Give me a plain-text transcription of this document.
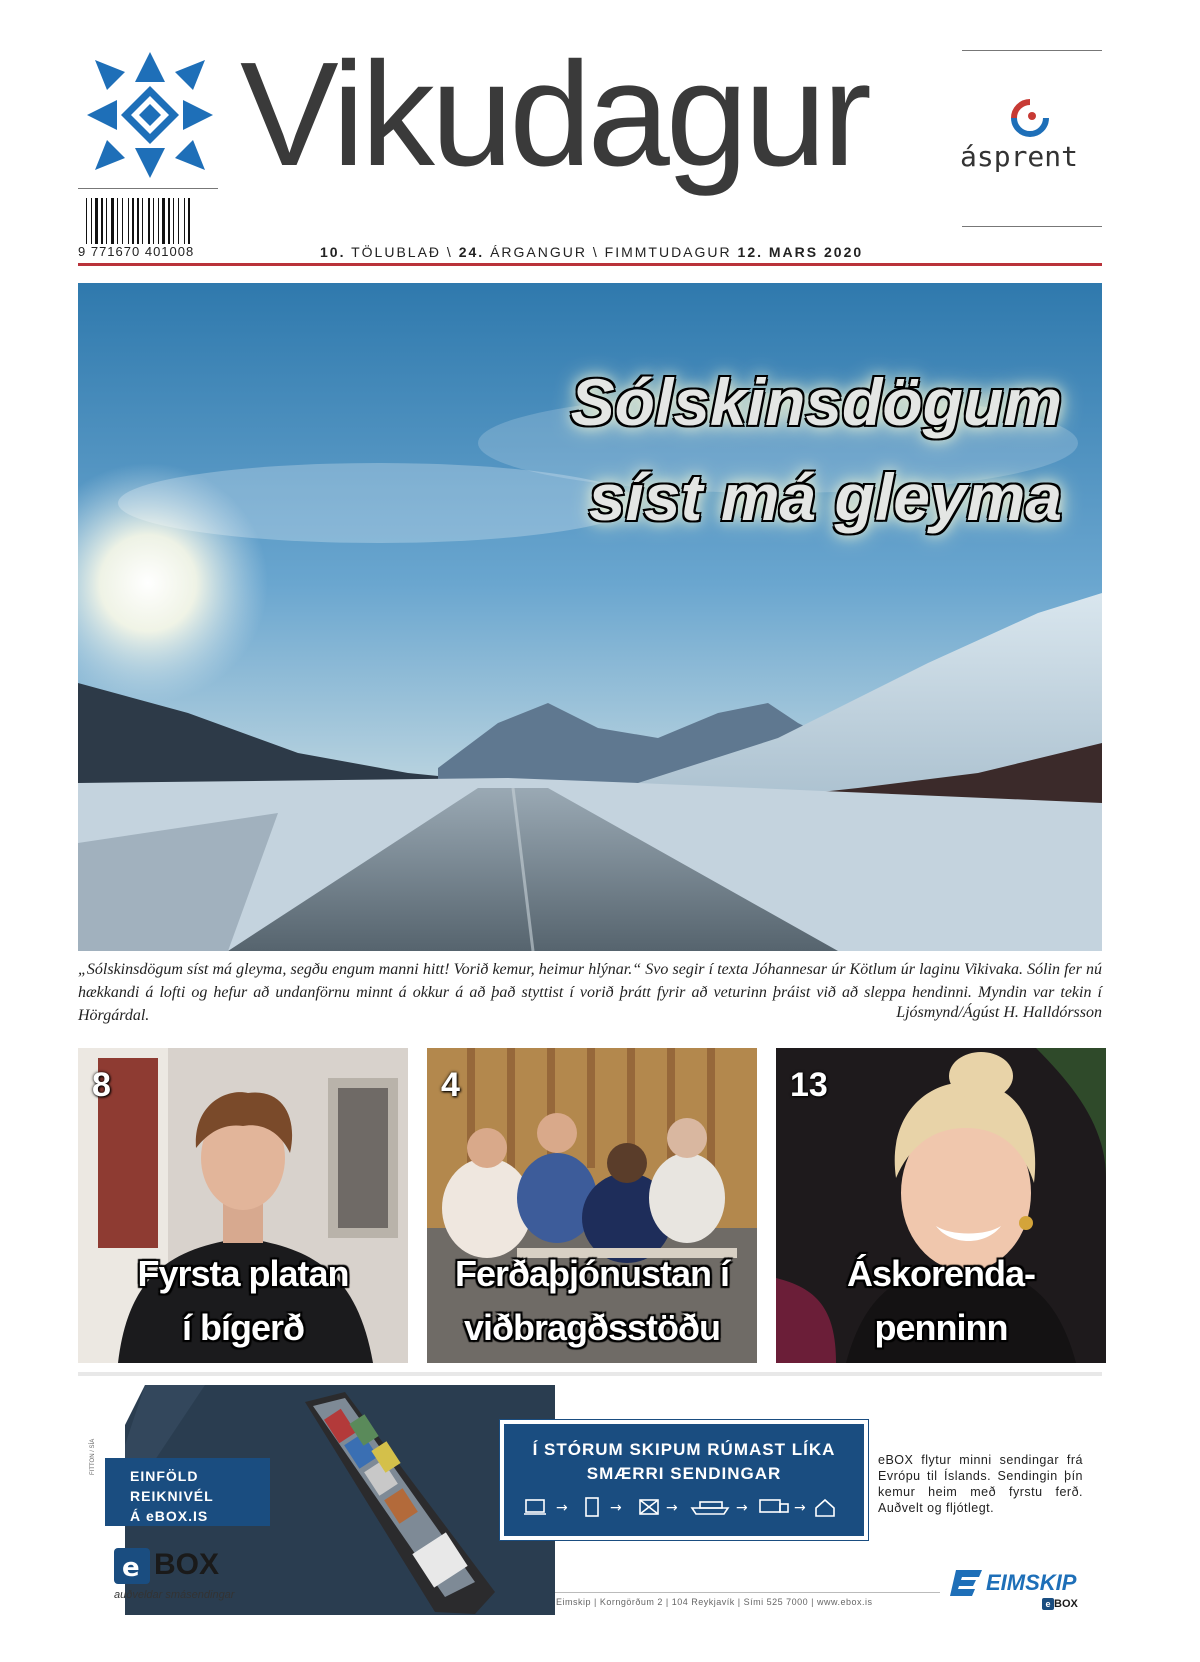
Vikudagur	ásprent
9 771670 401008	10. TÖLUBLAÐ \ 24. ÁRGANGUR \ FIMMTUDAGUR 12. MARS 2020
Sólskinsdögum
síst má gleyma
„Sólskinsdögum síst má gleyma, segðu engum manni hitt! Vorið kemur, heimur hlýnar.“ Svo segir í texta Jóhannesar úr Kötlum úr laginu Vikivaka. Sólin fer nú hækkandi á lofti og hefur að undanförnu minnt á okkur á að það styttist í vorið þrátt fyrir að veturinn þráist við að sleppa hendinni. Myndin var tekin í Hörgárdal.	Ljósmynd/Ágúst H. Halldórsson
8
Fyrsta platan
í bígerð
4
Ferðaþjónustan í
viðbragðsstöðu
13
Áskorenda-
penninn
EINFÖLD REIKNIVÉL
Á eBOX.IS
Í STÓRUM SKIPUM RÚMAST LÍKA
SMÆRRI SENDINGAR
→	→	→	→	→
eBOX flytur minni sendingar frá Evrópu til Íslands. Sendingin þín kemur heim með fyrstu ferð. Auðvelt og fljótlegt.
e BOX
auðveldar smásendingar
Eimskip | Korngörðum 2 | 104 Reykjavík | Sími 525 7000 | www.ebox.is
EIMSKIP
e BOX
FITTON / SÍA
